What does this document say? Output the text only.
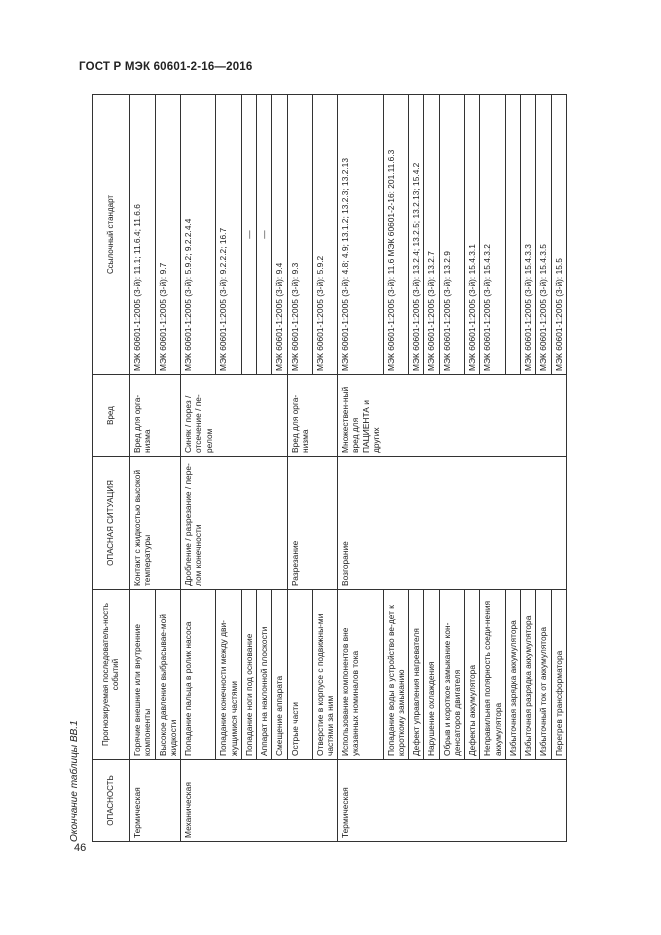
ГОСТ Р МЭК 60601-2-16—2016
46
Окончание таблицы ВВ.1	ОПАСНОСТЬ	Прогнозируемая последователь-ность событий	ОПАСНАЯ СИТУАЦИЯ	Вред	Ссылочный стандарт
Термическая	Горячие внешние или внутренние компоненты	Контакт с жидкостью высокой температуры	Вред для орга-низма	МЭК 60601-1:2005 (3-й): 11.1; 11.6.4; 11.6.6
	Высокое давление выбрасывае-мой жидкости			МЭК 60601-1:2005 (3-й): 9.7
Механическая	Попадание пальца в ролик насоса	Дробление / разрезание / пере-лом конечности	Синяк / порез / отсечение / пе-релом	МЭК 60601-1:2005 (3-й): 5.9.2; 9.2.2.4.4
	Попадание конечности между дви-жущимися частями			МЭК 60601-1:2005 (3-й): 9.2.2.2; 16.7
	Попадание ноги под основание			—
	Аппарат на наклонной плоскости			—
	Смещение аппарата			МЭК 60601-1:2005 (3-й): 9.4
	Острые части	Разрезание	Вред для орга-низма	МЭК 60601-1:2005 (3-й): 9.3
	Отверстие в корпусе с подвижны-ми частями за ним			МЭК 60601-1:2005 (3-й): 5.9.2
Термическая	Использование компонентов вне указанных номиналов тока	Возгорание	Множествен-ный вред для ПАЦИЕНТА и других	МЭК 60601-1:2005 (3-й): 4.8; 4.9; 13.1.2; 13.2.3; 13.2.13
	Попадание воды в устройство ве-дет к короткому замыканию			МЭК 60601-1:2005 (3-й): 11.6 МЭК 60601-2-16: 201.11.6.3
	Дефект управления нагревателя			МЭК 60601-1:2005 (3-й): 13.2.4; 13.2.5; 13.2.13; 15.4.2
	Нарушение охлаждения			МЭК 60601-1:2005 (3-й): 13.2.7
	Обрыв и короткое замыкание кон-денсаторов двигателя			МЭК 60601-1:2005 (3-й): 13.2.9
	Дефекты аккумулятора			МЭК 60601-1:2005 (3-й): 15.4.3.1
	Неправильная полярность соеди-нения аккумулятора			МЭК 60601-1:2005 (3-й): 15.4.3.2
	Избыточная зарядка аккумулятора			
	Избыточная разрядка аккумулятора			МЭК 60601-1:2005 (3-й): 15.4.3.3
	Избыточный ток от аккумулятора			МЭК 60601-1:2005 (3-й): 15.4.3.5
	Перегрев трансформатора			МЭК 60601-1:2005 (3-й): 15.5
